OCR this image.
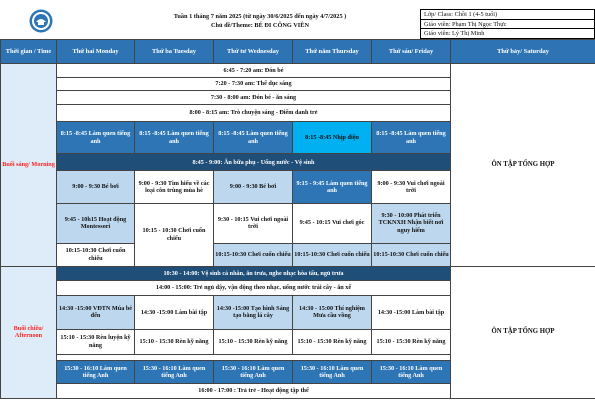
Tuần 1 tháng 7 năm 2025 (từ ngày 30/6/2025 đến ngày 4/7/2025 )
Chủ đề/Theme: BÉ ĐI CÔNG VIÊN
Lớp/ Class: Chồi 1 (4-5 tuổi)
Giáo viên: Phạm Thị Ngọc Thực
Giáo viên: Lý Thị Minh
Thời gian / Time	Thứ hai Monday	Thứ ba Tuesday	Thứ tư Wednesday	Thứ năm Thursday	Thứ sáu/ Friday	Thứ bảy/ Saturday
Buổi sáng/ Morning	6:45 - 7:20 am: Đón bé					ÔN TẬP TỔNG HỢP
	7:20 - 7:30 am: Thể dục sáng					
	7:30 - 8:00 am: Đón bé - ăn sáng					
	8:00 - 8:15 am: Trò chuyện sáng - Điểm danh trẻ					
	8:15 -8:45 Làm quen tiếng anh	8:15 -8:45 Làm quen tiếng anh	8:15 -8:45 Làm quen tiếng anh	8:15 -8:45 Nhịp điệu	8:15 -8:45 Làm quen tiếng anh	
	8:45 - 9:00: Ăn bữa phụ - Uống nước - Vệ sinh					
	9:00 - 9:30 Bé bơi	9:00 - 9:30 Tìm hiểu về các loại côn trùng mùa hè	9:00 - 9:30 Bé bơi	9:15 - 9:45 Làm quen tiếng anh	9:00 - 9:30 Vui chơi ngoài trời	
	9:45 - 10h15 Hoạt động Montessori	10:15 - 10:30 Chơi cuốn chiếu	9:30 - 10:15 Vui chơi ngoài trời	9:45 - 10:15 Vui chơi góc	9:30 - 10:00 Phát triển TCKNXH Nhận biết nơi nguy hiểm	
	10:15-10:30 Chơi cuốn chiếu		10:15-10:30 Chơi cuốn chiếu	10:15-10:30 Chơi cuốn chiếu	10:15-10:30 Chơi cuốn chiếu	
Buổi chiều/ Afternoon	10:30 - 14:00: Vệ sinh cá nhân, ăn trưa, nghe nhạc hòa tấu, ngủ trưa					ÔN TẬP TỔNG HỢP
	14:00 - 15:00: Trẻ ngủ dậy, vận động theo nhạc, uống nước trái cây - ăn xế					
	14:30 -15:00 VĐTN Múa bé đến	14:30 -15:00 Làm bài tập	14:30 -15:00 Tạo hình Sáng tạo bằng lá cây	14:30 - 15:00 Thí nghiệm Mưa cầu vồng	14:30 -15:00 Làm bài tập	
	15:10 - 15:30 Rèn luyện kỹ năng	15:10 - 15:30 Rèn kỹ năng	15:10 - 15:30 Rèn kỹ năng	15:10 - 15:30 Rèn kỹ năng	15:10 - 15:30 Rèn kỹ năng	

	15:30 - 16:10 Làm quen tiếng Anh	15:30 - 16:10 Làm quen tiếng Anh	15:30 - 16:10 Làm quen tiếng Anh	15:30 - 16:10 Làm quen tiếng Anh	15:30 - 16:10 Làm quen tiếng Anh	
	16:00 - 17:00 : Trả trẻ - Hoạt động tập thể					
